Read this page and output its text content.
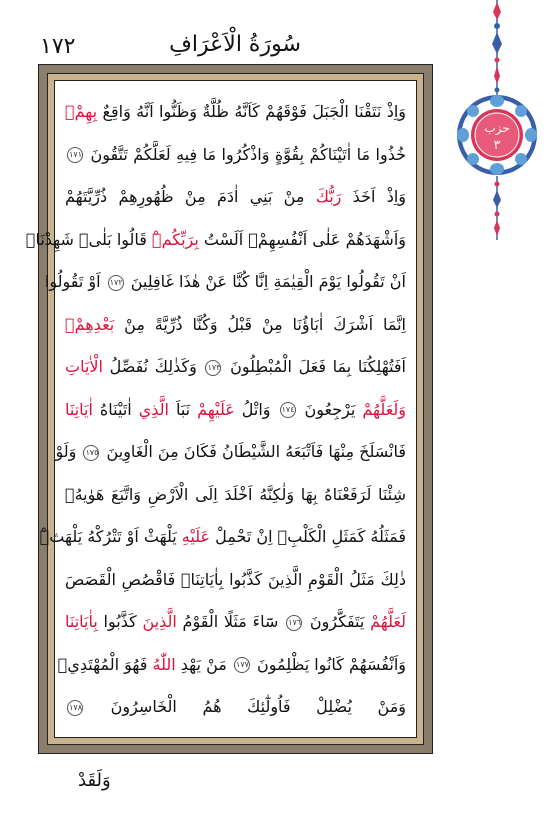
١٧٢	سُورَةُ الْاَعْرَافِ
وَاِذْ نَتَقْنَا الْجَبَلَ فَوْقَهُمْ كَاَنَّهُ ظُلَّةٌ وَظَنُّوا اَنَّهُ وَاقِعٌ بِهِمْۚ
خُذُوا مَا اٰتَيْنَاكُمْ بِقُوَّةٍ وَاذْكُرُوا مَا فِيهِ لَعَلَّكُمْ تَتَّقُونَ ١٧١
وَاِذْ اَخَذَ رَبُّكَ مِنْ بَنِي اٰدَمَ مِنْ ظُهُورِهِمْ ذُرِّيَّتَهُمْ
وَاَشْهَدَهُمْ عَلٰى اَنْفُسِهِمْۚ اَلَسْتُ بِرَبِّكُمْۜ قَالُوا بَلٰىۚ شَهِدْنَاۚ
اَنْ تَقُولُوا يَوْمَ الْقِيٰمَةِ اِنَّا كُنَّا عَنْ هٰذَا غَافِلِينَ ١٧٢ اَوْ تَقُولُوا
اِنَّمَا اَشْرَكَ اٰبَاؤُنَا مِنْ قَبْلُ وَكُنَّا ذُرِّيَّةً مِنْ بَعْدِهِمْۚ
اَفَتُهْلِكُنَا بِمَا فَعَلَ الْمُبْطِلُونَ ١٧٣ وَكَذٰلِكَ نُفَصِّلُ الْاٰيَاتِ
وَلَعَلَّهُمْ يَرْجِعُونَ ١٧٤ وَاتْلُ عَلَيْهِمْ نَبَاَ الَّذِي اٰتَيْنَاهُ اٰيَاتِنَا
فَانْسَلَخَ مِنْهَا فَاَتْبَعَهُ الشَّيْطَانُ فَكَانَ مِنَ الْغَاوِينَ ١٧٥ وَلَوْ
شِئْنَا لَرَفَعْنَاهُ بِهَا وَلٰكِنَّهُ اَخْلَدَ اِلَى الْاَرْضِ وَاتَّبَعَ هَوٰيهُۚ
فَمَثَلُهُ كَمَثَلِ الْكَلْبِۚ اِنْ تَحْمِلْ عَلَيْهِ يَلْهَثْ اَوْ تَتْرُكْهُ يَلْهَثْۜ
ذٰلِكَ مَثَلُ الْقَوْمِ الَّذِينَ كَذَّبُوا بِاٰيَاتِنَاۚ فَاقْصُصِ الْقَصَصَ
لَعَلَّهُمْ يَتَفَكَّرُونَ ١٧٦ سَٓاءَ مَثَلًا الْقَوْمُ الَّذِينَ كَذَّبُوا بِاٰيَاتِنَا
وَاَنْفُسَهُمْ كَانُوا يَظْلِمُونَ ١٧٧ مَنْ يَهْدِ اللّٰهُ فَهُوَ الْمُهْتَدِيۚ
وَمَنْ يُضْلِلْ فَاُولٰٓئِكَ هُمُ الْخَاسِرُونَ ١٧٨
حزب
٣
وَلَقَدْ
